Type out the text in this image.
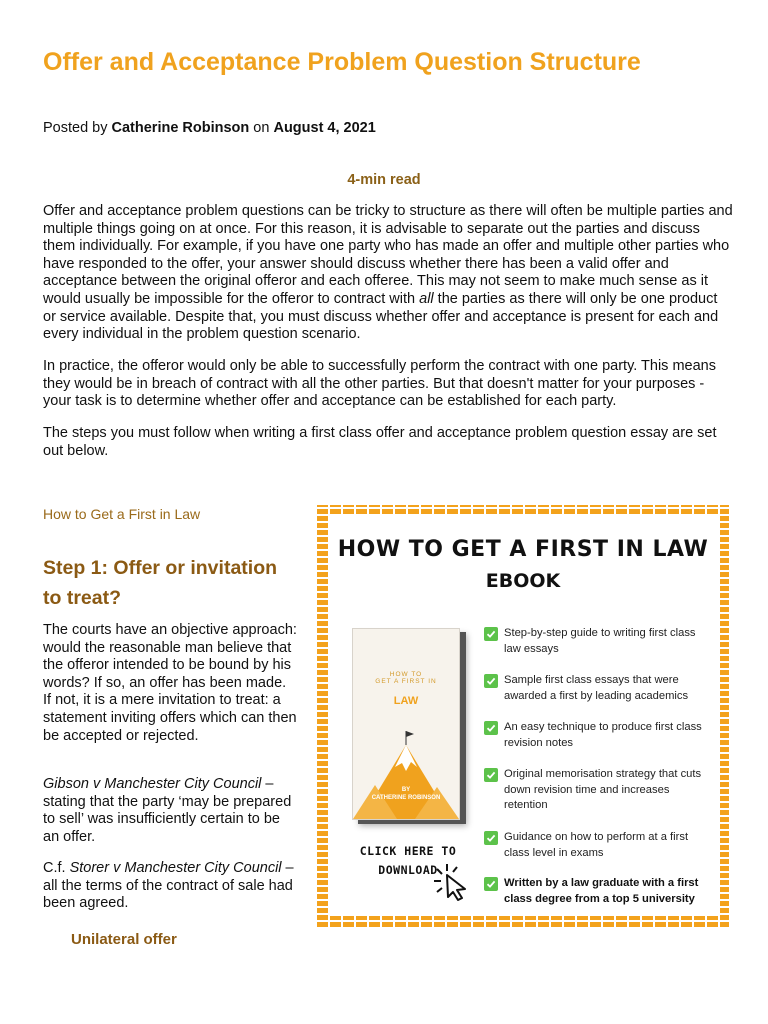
Offer and Acceptance Problem Question Structure
Posted by Catherine Robinson on August 4, 2021
4-min read

Offer and acceptance problem questions can be tricky to structure as there will often be multiple parties and multiple things going on at once. For this reason, it is advisable to separate out the parties and discuss them individually. For example, if you have one party who has made an offer and multiple other parties who have responded to the offer, your answer should discuss whether there has been a valid offer and acceptance between the original offeror and each offeree. This may not seem to make much sense as it would usually be impossible for the offeror to contract with all the parties as there will only be one product or service available. Despite that, you must discuss whether offer and acceptance is present for each and every individual in the problem question scenario.

In practice, the offeror would only be able to successfully perform the contract with one party. This means they would be in breach of contract with all the other parties. But that doesn't matter for your purposes - your task is to determine whether offer and acceptance can be established for each party.

The steps you must follow when writing a first class offer and acceptance problem question essay are set out below.

How to Get a First in Law
Step 1: Offer or invitation to treat?

The courts have an objective approach: would the reasonable man believe that the offeror intended to be bound by his words? If so, an offer has been made. If not, it is a mere invitation to treat: a statement inviting offers which can then be accepted or rejected.

Gibson v Manchester City Council – stating that the party ‘may be prepared to sell’ was insufficiently certain to be an offer.

C.f. Storer v Manchester City Council – all the terms of the contract of sale had been agreed.

Unilateral offer
HOW TO GET A FIRST IN LAW
EBOOK
HOW TO
GET A FIRST IN
LAW
BY
CATHERINE ROBINSON
CLICK HERE TO
DOWNLOAD
Step-by-step guide to writing first class law essays
Sample first class essays that were awarded a first by leading academics
An easy technique to produce first class revision notes
Original memorisation strategy that cuts down revision time and increases retention
Guidance on how to perform at a first class level in exams
Written by a law graduate with a first class degree from a top 5 university
